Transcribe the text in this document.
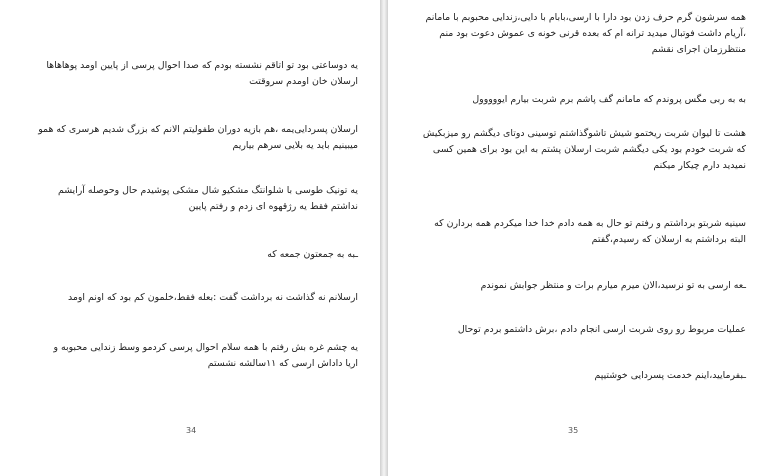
یه دوساعتی بود تو اتاقم نشسته بودم که صدا احوال پرسی از پایین اومد پوهاهاها ارسلان خان اومدم سروقتت

ارسلان پسردایی‌یمه ،هم بازیه دوران طفولیتم الانم که بزرگ شدیم هرسری که همو میبینیم باید یه بلایی سرهم بیاریم

یه تونیک طوسی با شلوانتگ مشکیو شال مشکی پوشیدم حال وحوصله آرایشم نداشتم فقط یه رژقهوه ای زدم و رفتم پایین

ـبه به جمعتون جمعه که

ارسلانم نه گذاشت نه برداشت گفت :بعله فقط،خلمون کم بود که اونم اومد

یه چشم غره بش رفتم با همه سلام احوال پرسی کردمو وسط زندایی محبوبه و اریا داداش ارسی که ۱۱سالشه نشستم

34

همه سرشون گرم حرف زدن بود دارا با ارسی،بابام با دایی،زندایی محبوبم با مامانم ،آریام داشت فوتبال میدید ترانه ام که بعده قرنی خونه ی عموش دعوت بود منم منتظرزمان اجرای نقشم

به به ربی مگس پروندم که مامانم گف پاشم برم شربت بیارم ایووووول

هشت تا لیوان شربت ریختمو شیش تاشوگذاشتم توسینی دوتای دیگشم رو میزبکیش که شربت خودم بود یکی دیگشم شربت ارسلان پشتم به این بود برای همین کسی نمیدید دارم چیکار میکنم

سینیه شربتو برداشتم و رفتم تو حال به همه دادم خدا خدا میکردم همه بردارن که البته برداشتم به ارسلان که رسیدم،گفتم

ـعه ارسی به تو نرسید،الان میرم میارم برات و منتظر جوابش نموندم

عملیات مربوط رو روی شربت ارسی انجام دادم ،برش داشتمو بردم توحال

ـبفرمایید،اینم خدمت پسردایی خوشتیپم

35
